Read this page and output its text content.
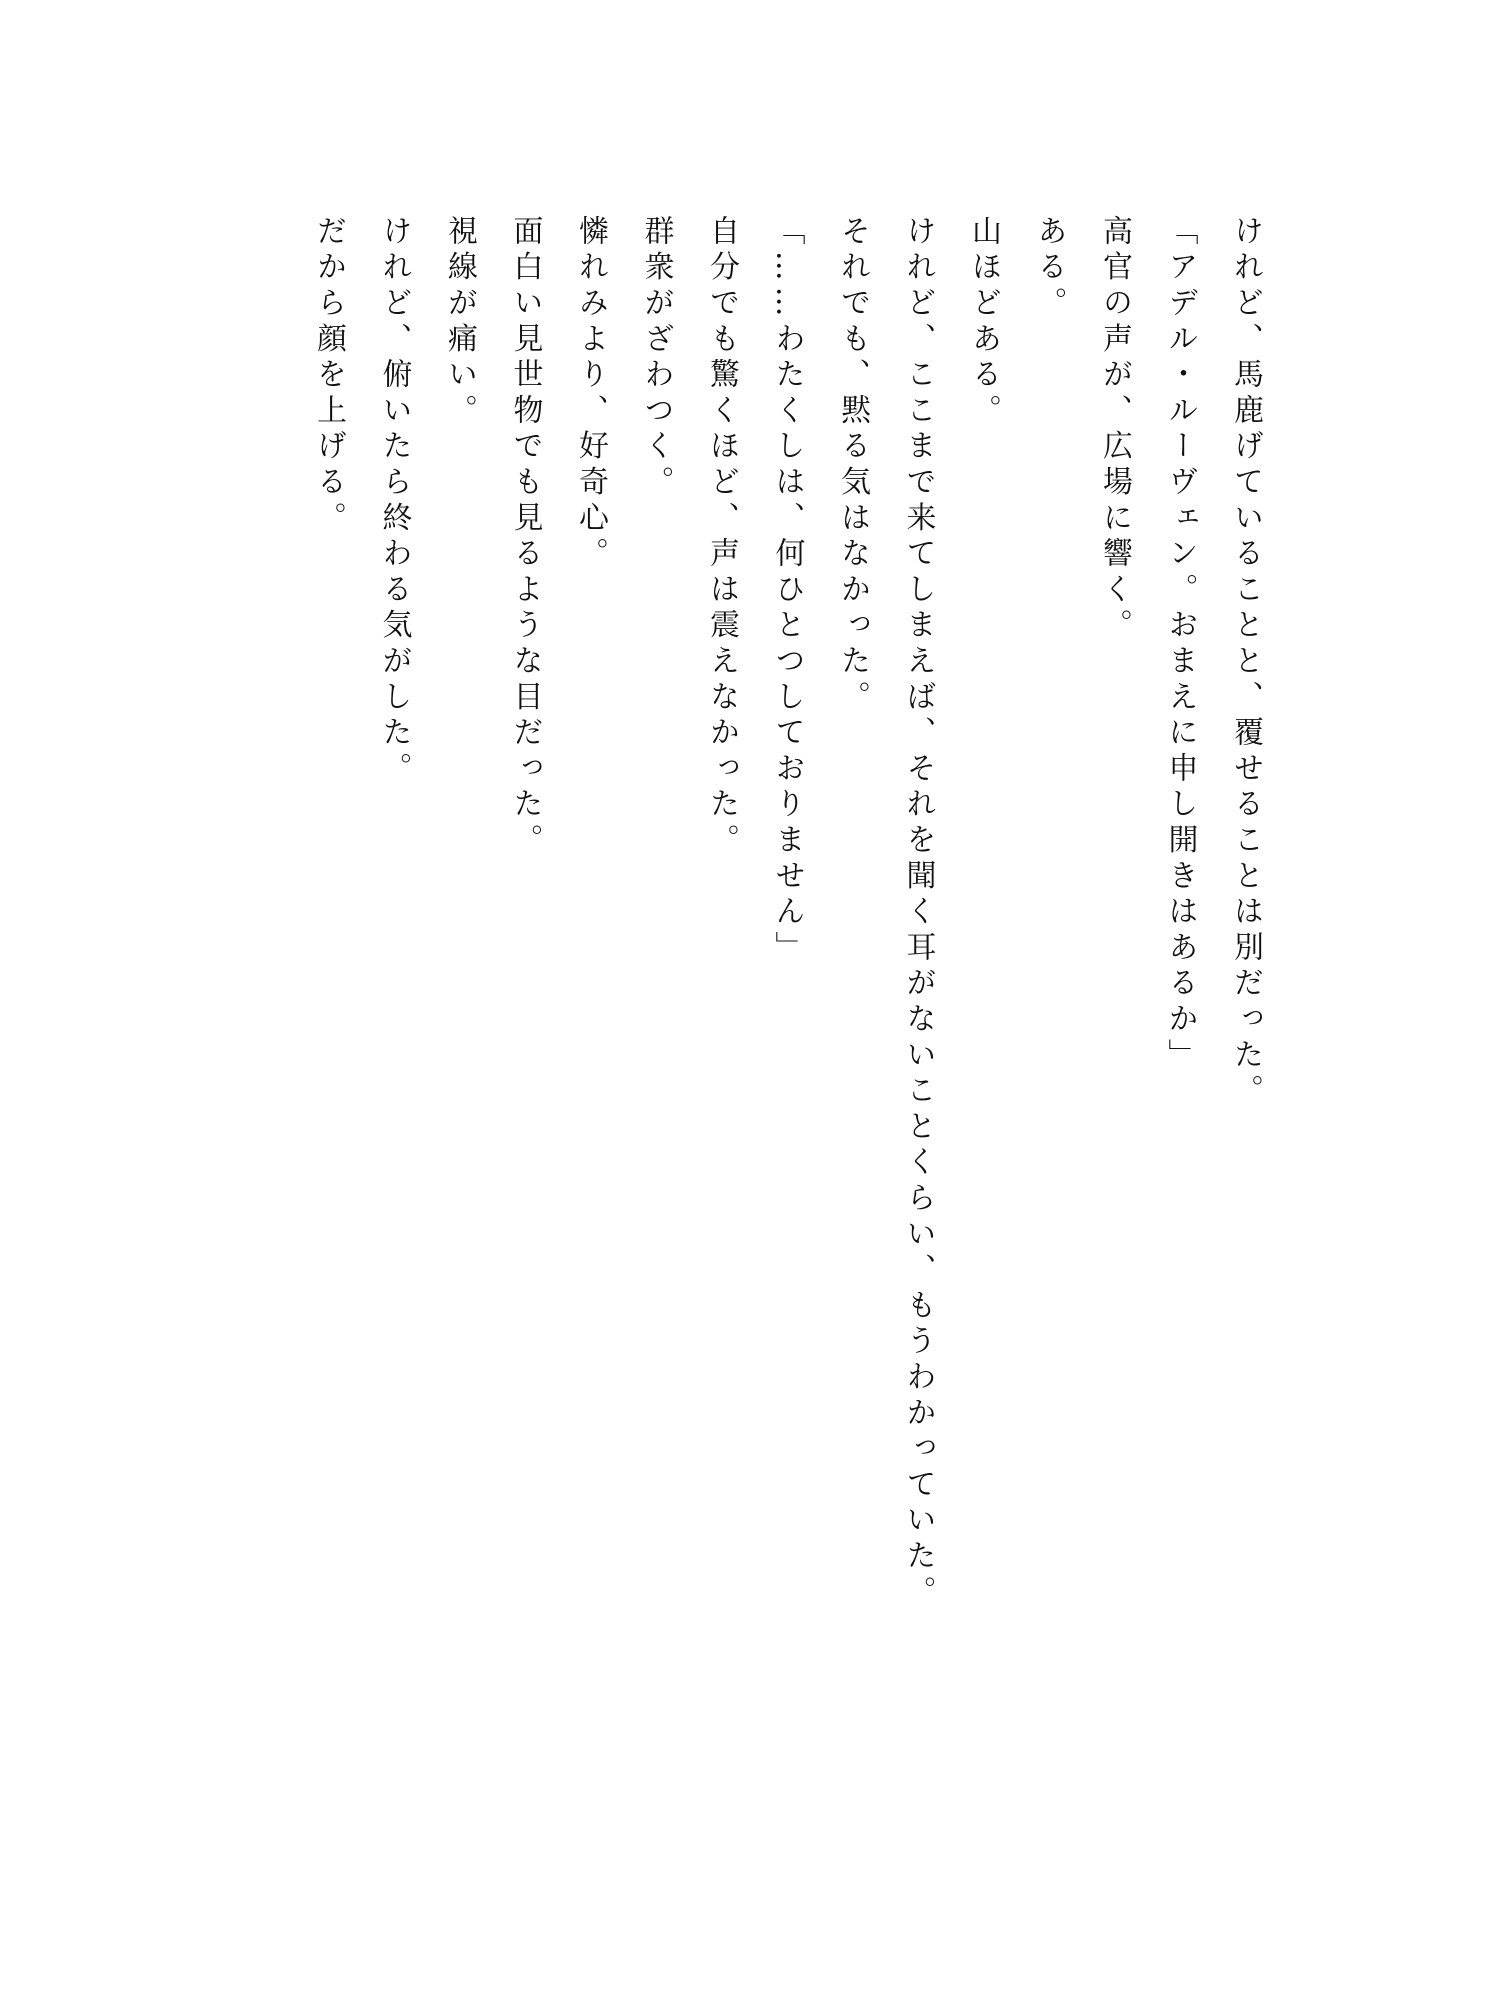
けれど、馬鹿げていることと、覆せることは別だった。
「アデル・ルーヴェン。おまえに申し開きはあるか」
高官の声が、広場に響く。
ある。
山ほどある。
けれど、ここまで来てしまえば、それを聞く耳がないことくらい、もうわかっていた。
それでも、黙る気はなかった。
「……わたくしは、何ひとつしておりません」
自分でも驚くほど、声は震えなかった。
群衆がざわつく。
憐れみより、好奇心。
面白い見世物でも見るような目だった。
視線が痛い。
けれど、俯いたら終わる気がした。
だから顔を上げる。
